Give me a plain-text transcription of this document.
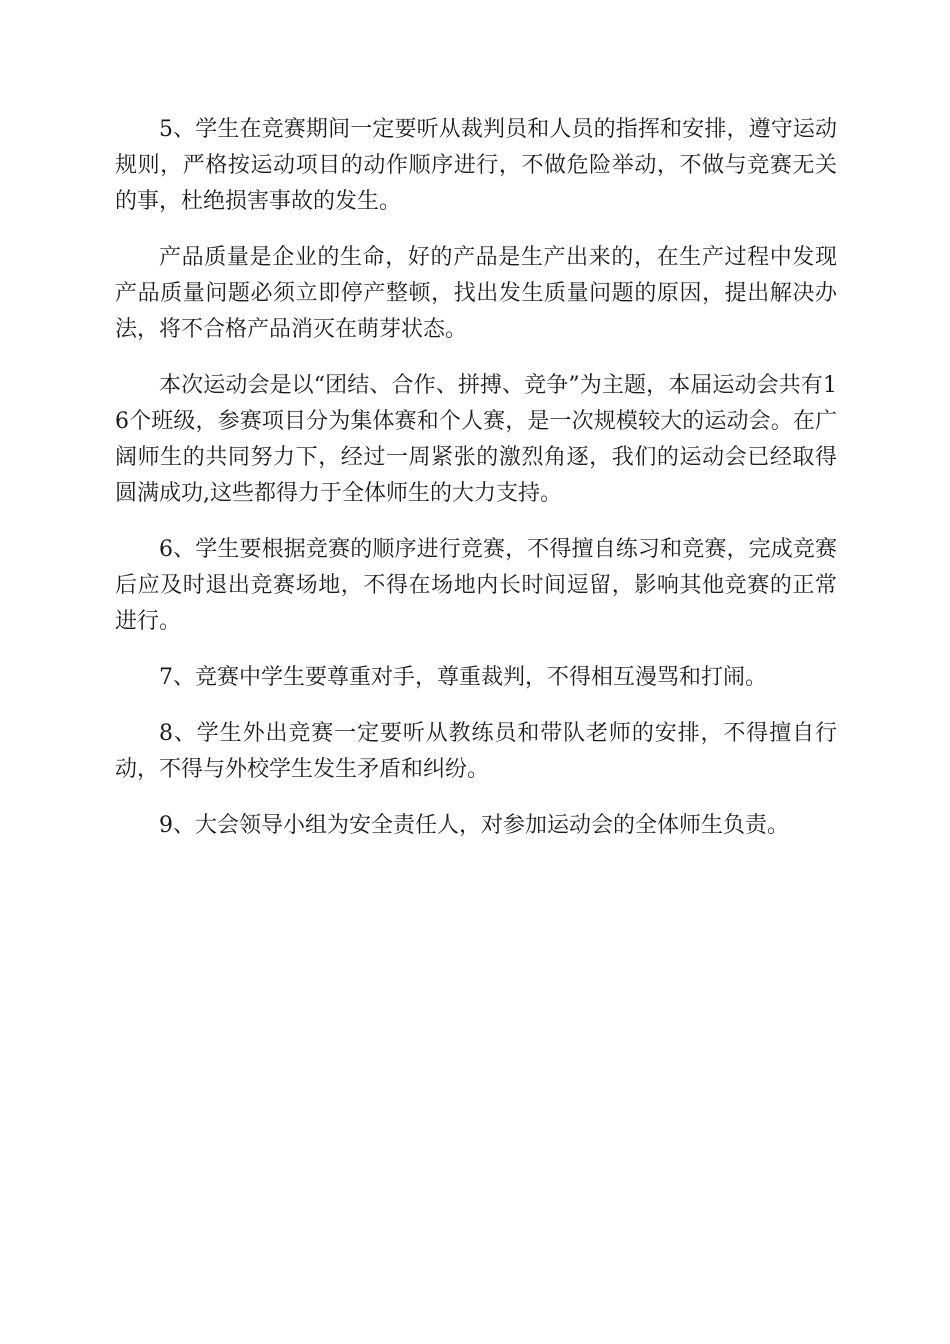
5、学生在竞赛期间一定要听从裁判员和人员的指挥和安排，遵守运动规则，严格按运动项目的动作顺序进行，不做危险举动，不做与竞赛无关的事，杜绝损害事故的发生。

产品质量是企业的生命，好的产品是生产出来的，在生产过程中发现产品质量问题必须立即停产整顿，找出发生质量问题的原因，提出解决办法，将不合格产品消灭在萌芽状态。

本次运动会是以“团结、合作、拼搏、竞争”为主题，本届运动会共有16个班级，参赛项目分为集体赛和个人赛，是一次规模较大的运动会。在广阔师生的共同努力下，经过一周紧张的激烈角逐，我们的运动会已经取得圆满成功,这些都得力于全体师生的大力支持。

6、学生要根据竞赛的顺序进行竞赛，不得擅自练习和竞赛，完成竞赛后应及时退出竞赛场地，不得在场地内长时间逗留，影响其他竞赛的正常进行。

7、竞赛中学生要尊重对手，尊重裁判，不得相互漫骂和打闹。

8、学生外出竞赛一定要听从教练员和带队老师的安排，不得擅自行动，不得与外校学生发生矛盾和纠纷。

9、大会领导小组为安全责任人，对参加运动会的全体师生负责。
